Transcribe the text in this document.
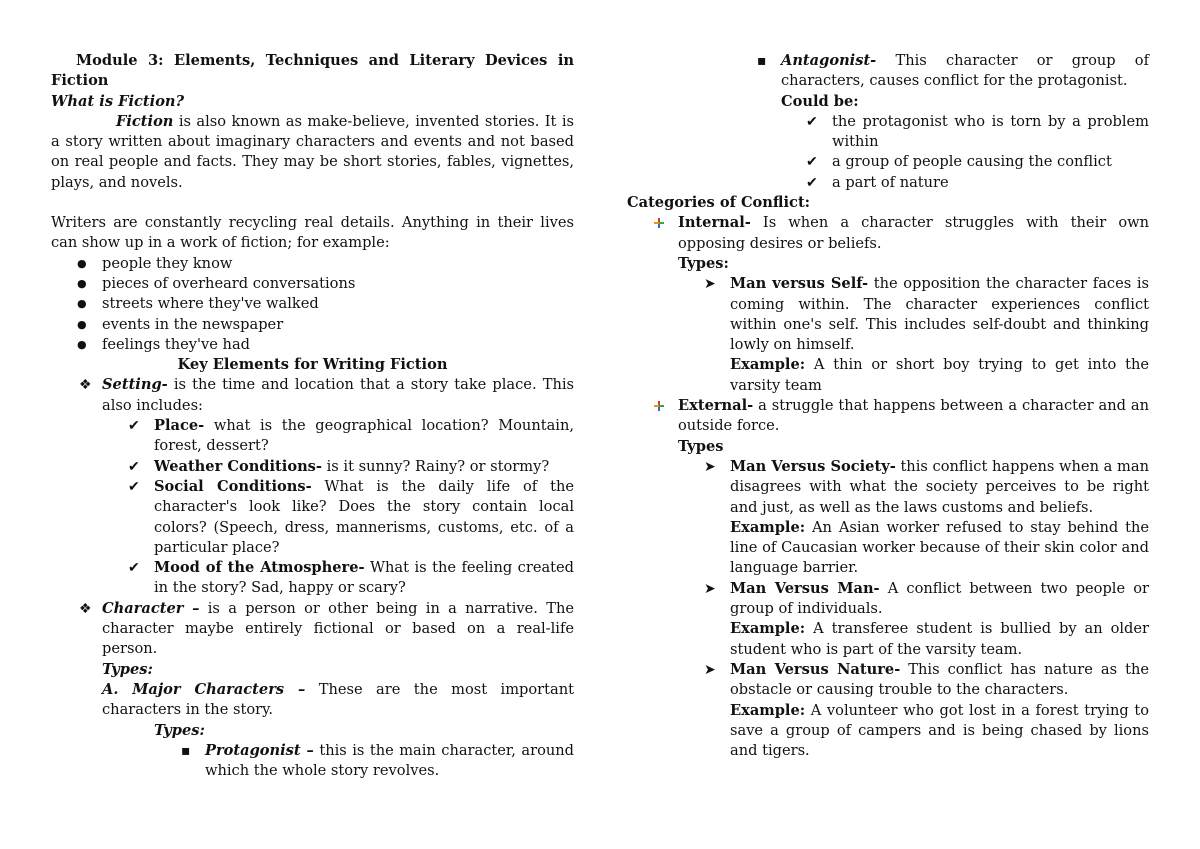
Module 3: Elements, Techniques and Literary Devices in Fiction

What is Fiction?

Fiction is also known as make-believe, invented stories. It is a story written about imaginary characters and events and not based on real people and facts. They may be short stories, fables, vignettes, plays, and novels.

Writers are constantly recycling real details. Anything in their lives can show up in a work of fiction; for example:

● people they know
● pieces of overheard conversations
● streets where they've walked
● events in the newspaper
● feelings they've had

Key Elements for Writing Fiction

❖ Setting- is the time and location that a story take place. This also includes:
✔ Place- what is the geographical location? Mountain, forest, dessert?
✔ Weather Conditions- is it sunny? Rainy? or stormy?
✔ Social Conditions- What is the daily life of the character's look like? Does the story contain local colors? (Speech, dress, mannerisms, customs, etc. of a particular place?
✔ Mood of the Atmosphere- What is the feeling created in the story? Sad, happy or scary?
❖ Character – is a person or other being in a narrative. The character maybe entirely fictional or based on a real-life person.

Types:

A. Major Characters – These are the most important characters in the story.

Types:

▪ Protagonist – this is the main character, around which the whole story revolves.
▪ Antagonist- This character or group of characters, causes conflict for the protagonist.

Could be:

✔ the protagonist who is torn by a problem within
✔ a group of people causing the conflict
✔ a part of nature

Categories of Conflict:

Internal- Is when a character struggles with their own opposing desires or beliefs.

Types:

➤ Man versus Self- the opposition the character faces is coming within. The character experiences conflict within one's self. This includes self-doubt and thinking lowly on himself.

Example: A thin or short boy trying to get into the varsity team

External- a struggle that happens between a character and an outside force.

Types

➤ Man Versus Society- this conflict happens when a man disagrees with what the society perceives to be right and just, as well as the laws customs and beliefs.

Example: An Asian worker refused to stay behind the line of Caucasian worker because of their skin color and language barrier.

➤ Man Versus Man- A conflict between two people or group of individuals.

Example: A transferee student is bullied by an older student who is part of the varsity team.

➤ Man Versus Nature- This conflict has nature as the obstacle or causing trouble to the characters.

Example: A volunteer who got lost in a forest trying to save a group of campers and is being chased by lions and tigers.
